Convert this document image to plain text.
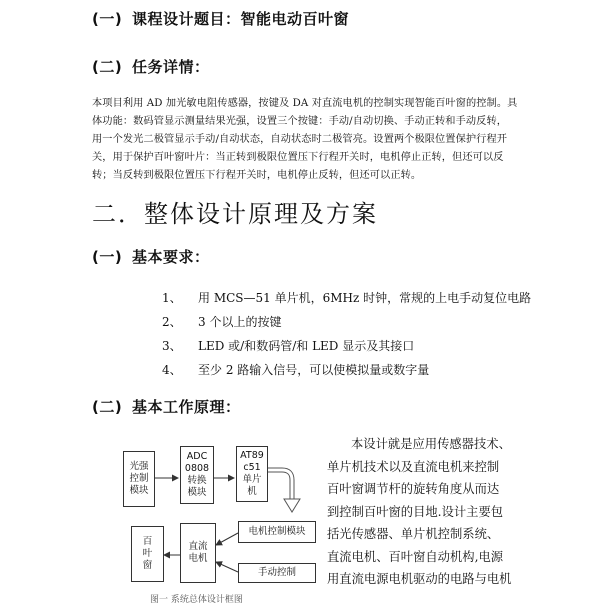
(一) 课程设计题目：智能电动百叶窗
(二) 任务详情：
本项目利用 AD 加光敏电阻传感器，按键及 DA 对直流电机的控制实现智能百叶窗的控制。具
体功能：数码管显示测量结果光强，设置三个按键：手动/自动切换、手动正转和手动反转，
用一个发光二极管显示手动/自动状态，自动状态时二极管亮。设置两个极限位置保护行程开
关，用于保护百叶窗叶片：当正转到极限位置压下行程开关时，电机停止正转，但还可以反
转；当反转到极限位置压下行程开关时，电机停止反转，但还可以正转。
二．整体设计原理及方案
(一) 基本要求：
1、 用 MCS—51 单片机，6MHz 时钟，常规的上电手动复位电路
2、 3 个以上的按键
3、 LED 或/和数码管/和 LED 显示及其接口
4、 至少 2 路输入信号，可以使模拟量或数字量
(二) 基本工作原理：
本设计就是应用传感器技术、
单片机技术以及直流电机来控制
百叶窗调节杆的旋转角度从而达
到控制百叶窗的目地.设计主要包
括光传感器、单片机控制系统、
直流电机、百叶窗自动机构,电源
用直流电源电机驱动的电路与电机
光强
控制
模块
ADC
0808
转换
模块
AT89
c51
单片
机
电机控制模块
百
叶
窗
直流
电机
手动控制
图一 系统总体设计框图
